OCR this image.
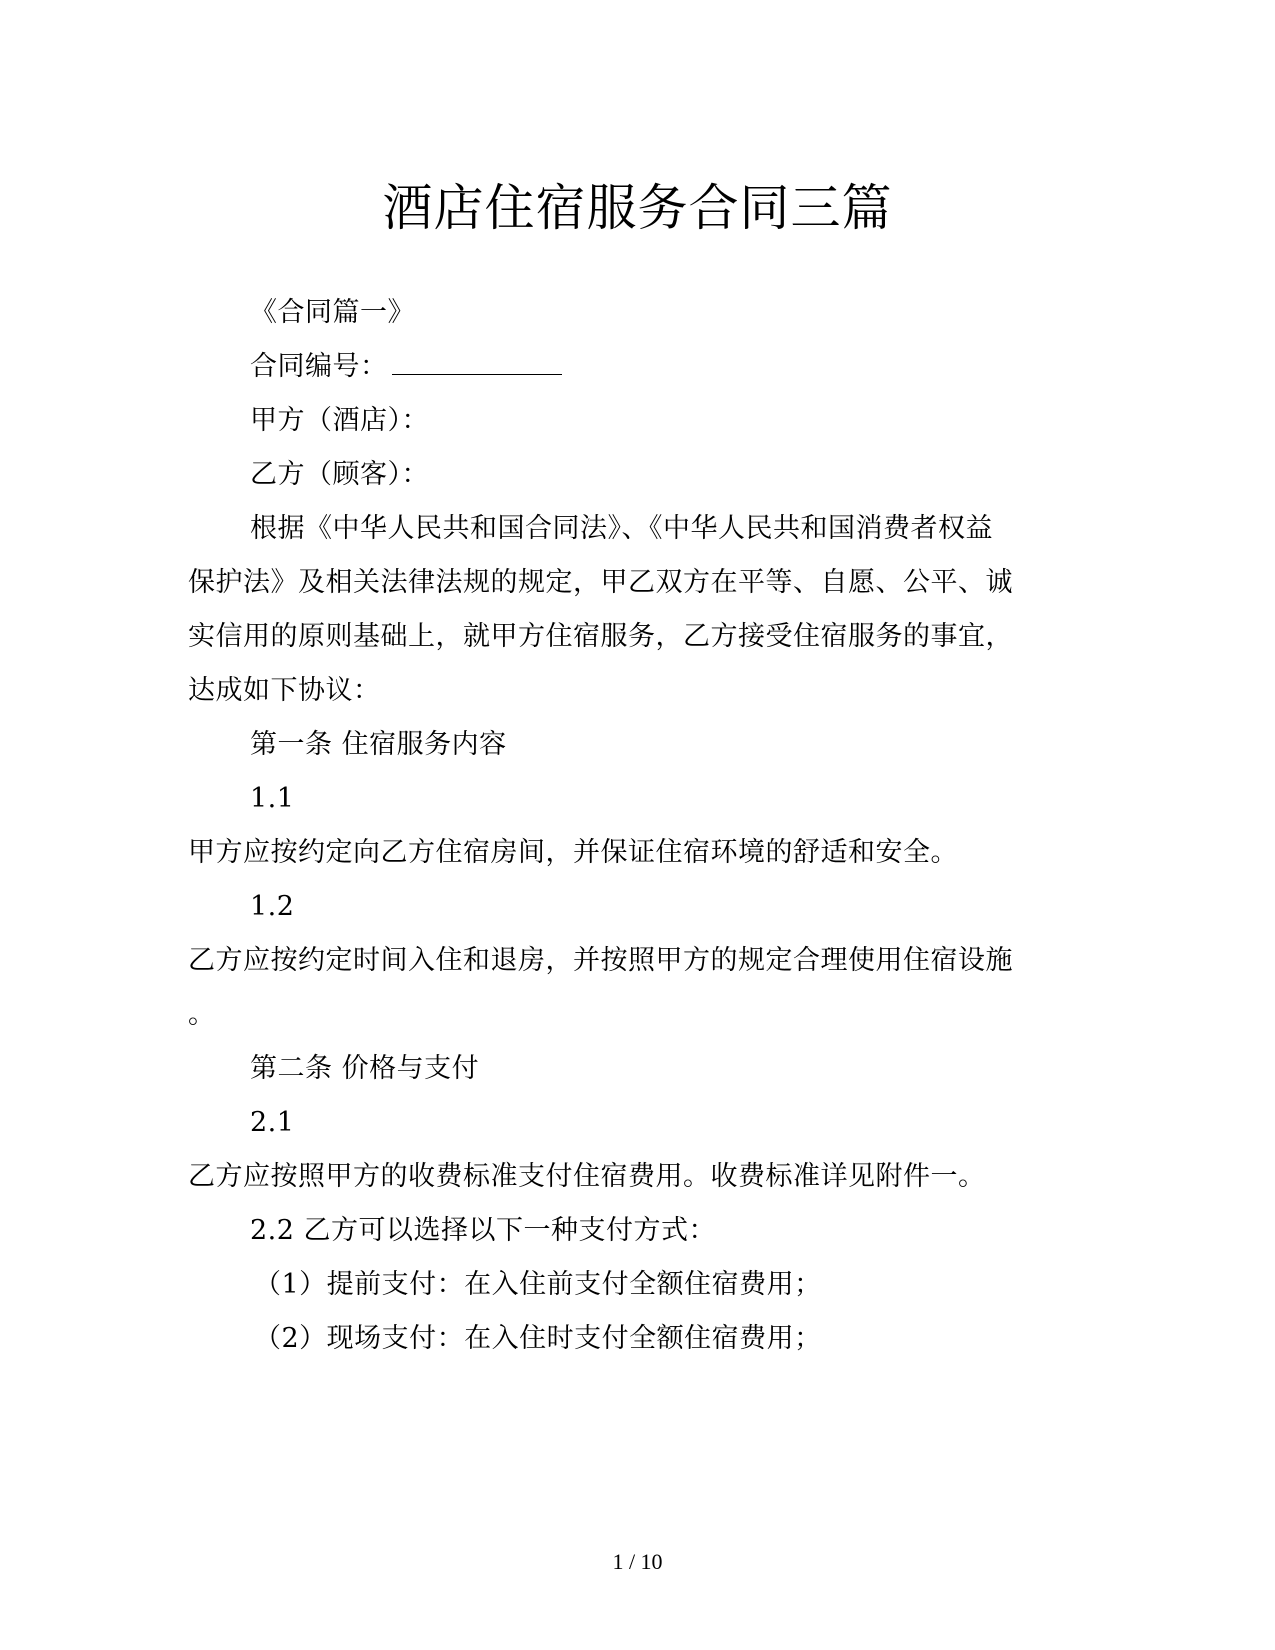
酒店住宿服务合同三篇
《合同篇一》
合同编号：
甲方（酒店）：
乙方（顾客）：
根据《中华人民共和国合同法》、《中华人民共和国消费者权益
保护法》及相关法律法规的规定，甲乙双方在平等、自愿、公平、诚
实信用的原则基础上，就甲方住宿服务，乙方接受住宿服务的事宜，
达成如下协议：
第一条 住宿服务内容
1.1
甲方应按约定向乙方住宿房间，并保证住宿环境的舒适和安全。
1.2
乙方应按约定时间入住和退房，并按照甲方的规定合理使用住宿设施
。
第二条 价格与支付
2.1
乙方应按照甲方的收费标准支付住宿费用。收费标准详见附件一。
2.2 乙方可以选择以下一种支付方式：
（1）提前支付：在入住前支付全额住宿费用；
（2）现场支付：在入住时支付全额住宿费用；
1 / 10
